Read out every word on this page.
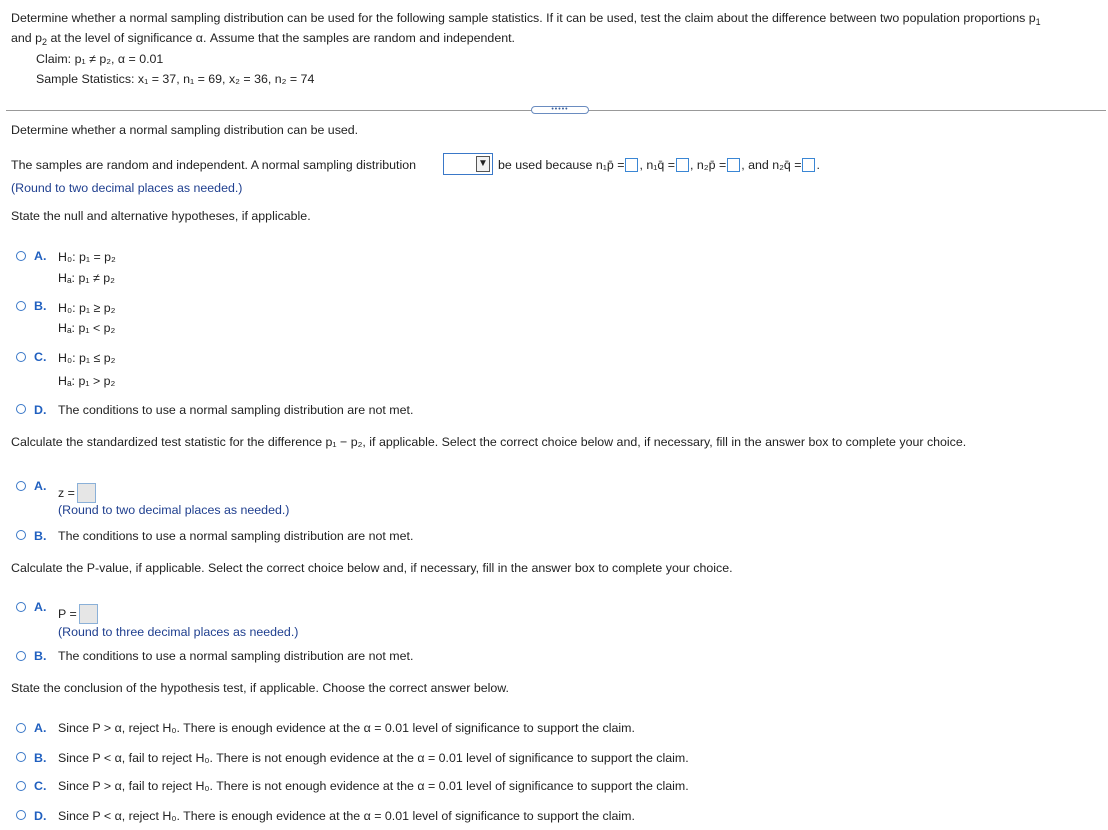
Determine whether a normal sampling distribution can be used for the following sample statistics. If it can be used, test the claim about the difference between two population proportions $p_1$
and $p_2$ at the level of significance α. Assume that the samples are random and independent.
Claim: p₁ ≠ p₂, α = 0.01
Sample Statistics: x₁ = 37, n₁ = 69, x₂ = 36, n₂ = 74
•••••
Determine whether a normal sampling distribution can be used.
The samples are random and independent. A normal sampling distribution	▼ be used because n₁p̄ = , n₁q̄ = , n₂p̄ = , and n₂q̄ = .
(Round to two decimal places as needed.)
State the null and alternative hypotheses, if applicable.
A. H₀: p₁ = p₂
Hₐ: p₁ ≠ p₂
B. H₀: p₁ ≥ p₂
Hₐ: p₁ < p₂
C. H₀: p₁ ≤ p₂
Hₐ: p₁ > p₂
D. The conditions to use a normal sampling distribution are not met.
Calculate the standardized test statistic for the difference p₁ − p₂, if applicable. Select the correct choice below and, if necessary, fill in the answer box to complete your choice.
A. z =
(Round to two decimal places as needed.)
B. The conditions to use a normal sampling distribution are not met.
Calculate the P-value, if applicable. Select the correct choice below and, if necessary, fill in the answer box to complete your choice.
A. P =
(Round to three decimal places as needed.)
B. The conditions to use a normal sampling distribution are not met.
State the conclusion of the hypothesis test, if applicable. Choose the correct answer below.
A. Since P > α, reject H₀. There is enough evidence at the α = 0.01 level of significance to support the claim.
B. Since P < α, fail to reject H₀. There is not enough evidence at the α = 0.01 level of significance to support the claim.
C. Since P > α, fail to reject H₀. There is not enough evidence at the α = 0.01 level of significance to support the claim.
D. Since P < α, reject H₀. There is enough evidence at the α = 0.01 level of significance to support the claim.
